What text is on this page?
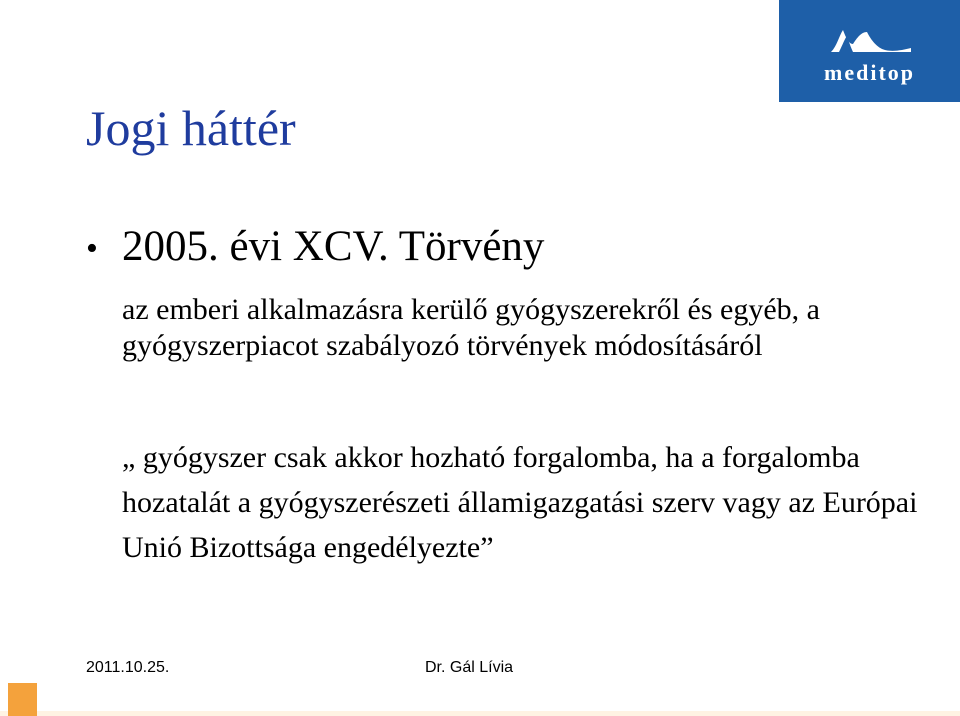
meditop
Jogi háttér
• 2005. évi XCV. Törvény

az emberi alkalmazásra kerülő gyógyszerekről és egyéb, a gyógyszerpiacot szabályozó törvények módosításáról

„ gyógyszer csak akkor hozható forgalomba, ha a forgalomba hozatalát a gyógyszerészeti államigazgatási szerv vagy az Európai Unió Bizottsága engedélyezte”

2011.10.25.	Dr. Gál Lívia
